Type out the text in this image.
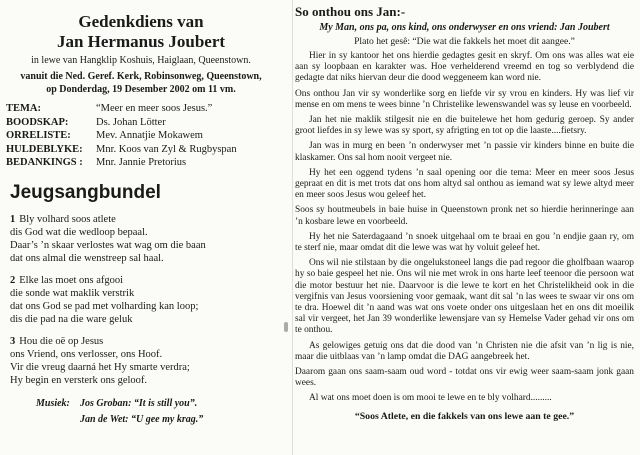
Gedenkdiens van
Jan Hermanus Joubert
in lewe van Hangklip Koshuis, Haiglaan, Queenstown.
vanuit die Ned. Geref. Kerk, Robinsonweg, Queenstown,
op Donderdag, 19 Desember 2002 om 11 vm.
TEMA:	“Meer en meer soos Jesus.”
BOODSKAP:	Ds. Johan Lötter
ORRELISTE:	Mev. Annatjie Mokawem
HULDEBLYKE:	Mnr. Koos van Zyl & Rugbyspan
BEDANKINGS :	Mnr. Jannie Pretorius
Jeugsangbundel
1 Bly volhard soos atlete
dis God wat die wedloop bepaal.
Daar’s ’n skaar verlostes wat wag om die baan
dat ons almal die wenstreep sal haal.
2 Elke las moet ons afgooi
die sonde wat maklik verstrik
dat ons God se pad met volharding kan loop;
dis die pad na die ware geluk
3 Hou die oë op Jesus
ons Vriend, ons verlosser, ons Hoof.
Vir die vreug daarná het Hy smarte verdra;
Hy begin en versterk ons geloof.
Musiek: Jos Groban: “It is still you”.
Jan de Wet: “U gee my krag.”
So onthou ons Jan:-
My Man, ons pa, ons kind, ons onderwyser en ons vriend: Jan Joubert
Plato het gesê: “Die wat die fakkels het moet dit aangee.”
Hier in sy kantoor het ons hierdie gedagtes gesit en skryf. Om ons was alles wat eie aan sy loopbaan en karakter was. Hoe verhelderend vreemd en tog so verblydend die gedagte dat niks hiervan deur die dood weggeneem kan word nie.
Ons onthou Jan vir sy wonderlike sorg en liefde vir sy vrou en kinders. Hy was lief vir mense en om mens te wees binne ’n Christelike lewenswandel was sy leuse en voorbeeld.
Jan het nie maklik stilgesit nie en die buitelewe het hom gedurig geroep. Sy ander groot liefdes in sy lewe was sy sport, sy afrigting en tot op die laaste....fietsry.
Jan was in murg en been ’n onderwyser met ’n passie vir kinders binne en buite die klaskamer. Ons sal hom nooit vergeet nie.
Hy het een oggend tydens ’n saal opening oor die tema: Meer en meer soos Jesus gepraat en dit is met trots dat ons hom altyd sal onthou as iemand wat sy lewe altyd meer en meer soos Jesus wou geleef het.
Soos sy houtmeubels in baie huise in Queenstown pronk net so hierdie herinneringe aan ’n kosbare lewe en voorbeeld.
Hy het nie Saterdagaand ’n snoek uitgehaal om te braai en gou ’n endjie gaan ry, om te sterf nie, maar omdat dit die lewe was wat hy voluit geleef het.
Ons wil nie stilstaan by die ongelukstoneel langs die pad regoor die gholfbaan waarop hy so baie gespeel het nie. Ons wil nie met wrok in ons harte leef teenoor die persoon wat die motor bestuur het nie. Daarvoor is die lewe te kort en het Christelikheid ook in die vergifnis van Jesus voorsiening voor gemaak, want dit sal ’n las wees te swaar vir ons om te dra. Hoewel dit ’n aand was wat ons voete onder ons uitgeslaan het en ons dit moeilik sal vir vergeet, het Jan 39 wonderlike lewensjare van sy Hemelse Vader gehad vir ons om te onthou.
As gelowiges getuig ons dat die dood van ’n Christen nie die afsit van ’n lig is nie, maar die uitblaas van ’n lamp omdat die DAG aangebreek het.
Daarom gaan ons saam-saam oud word - totdat ons vir ewig weer saam-saam jonk gaan wees.
Al wat ons moet doen is om mooi te lewe en te bly volhard.........
“Soos Atlete, en die fakkels van ons lewe aan te gee.”
